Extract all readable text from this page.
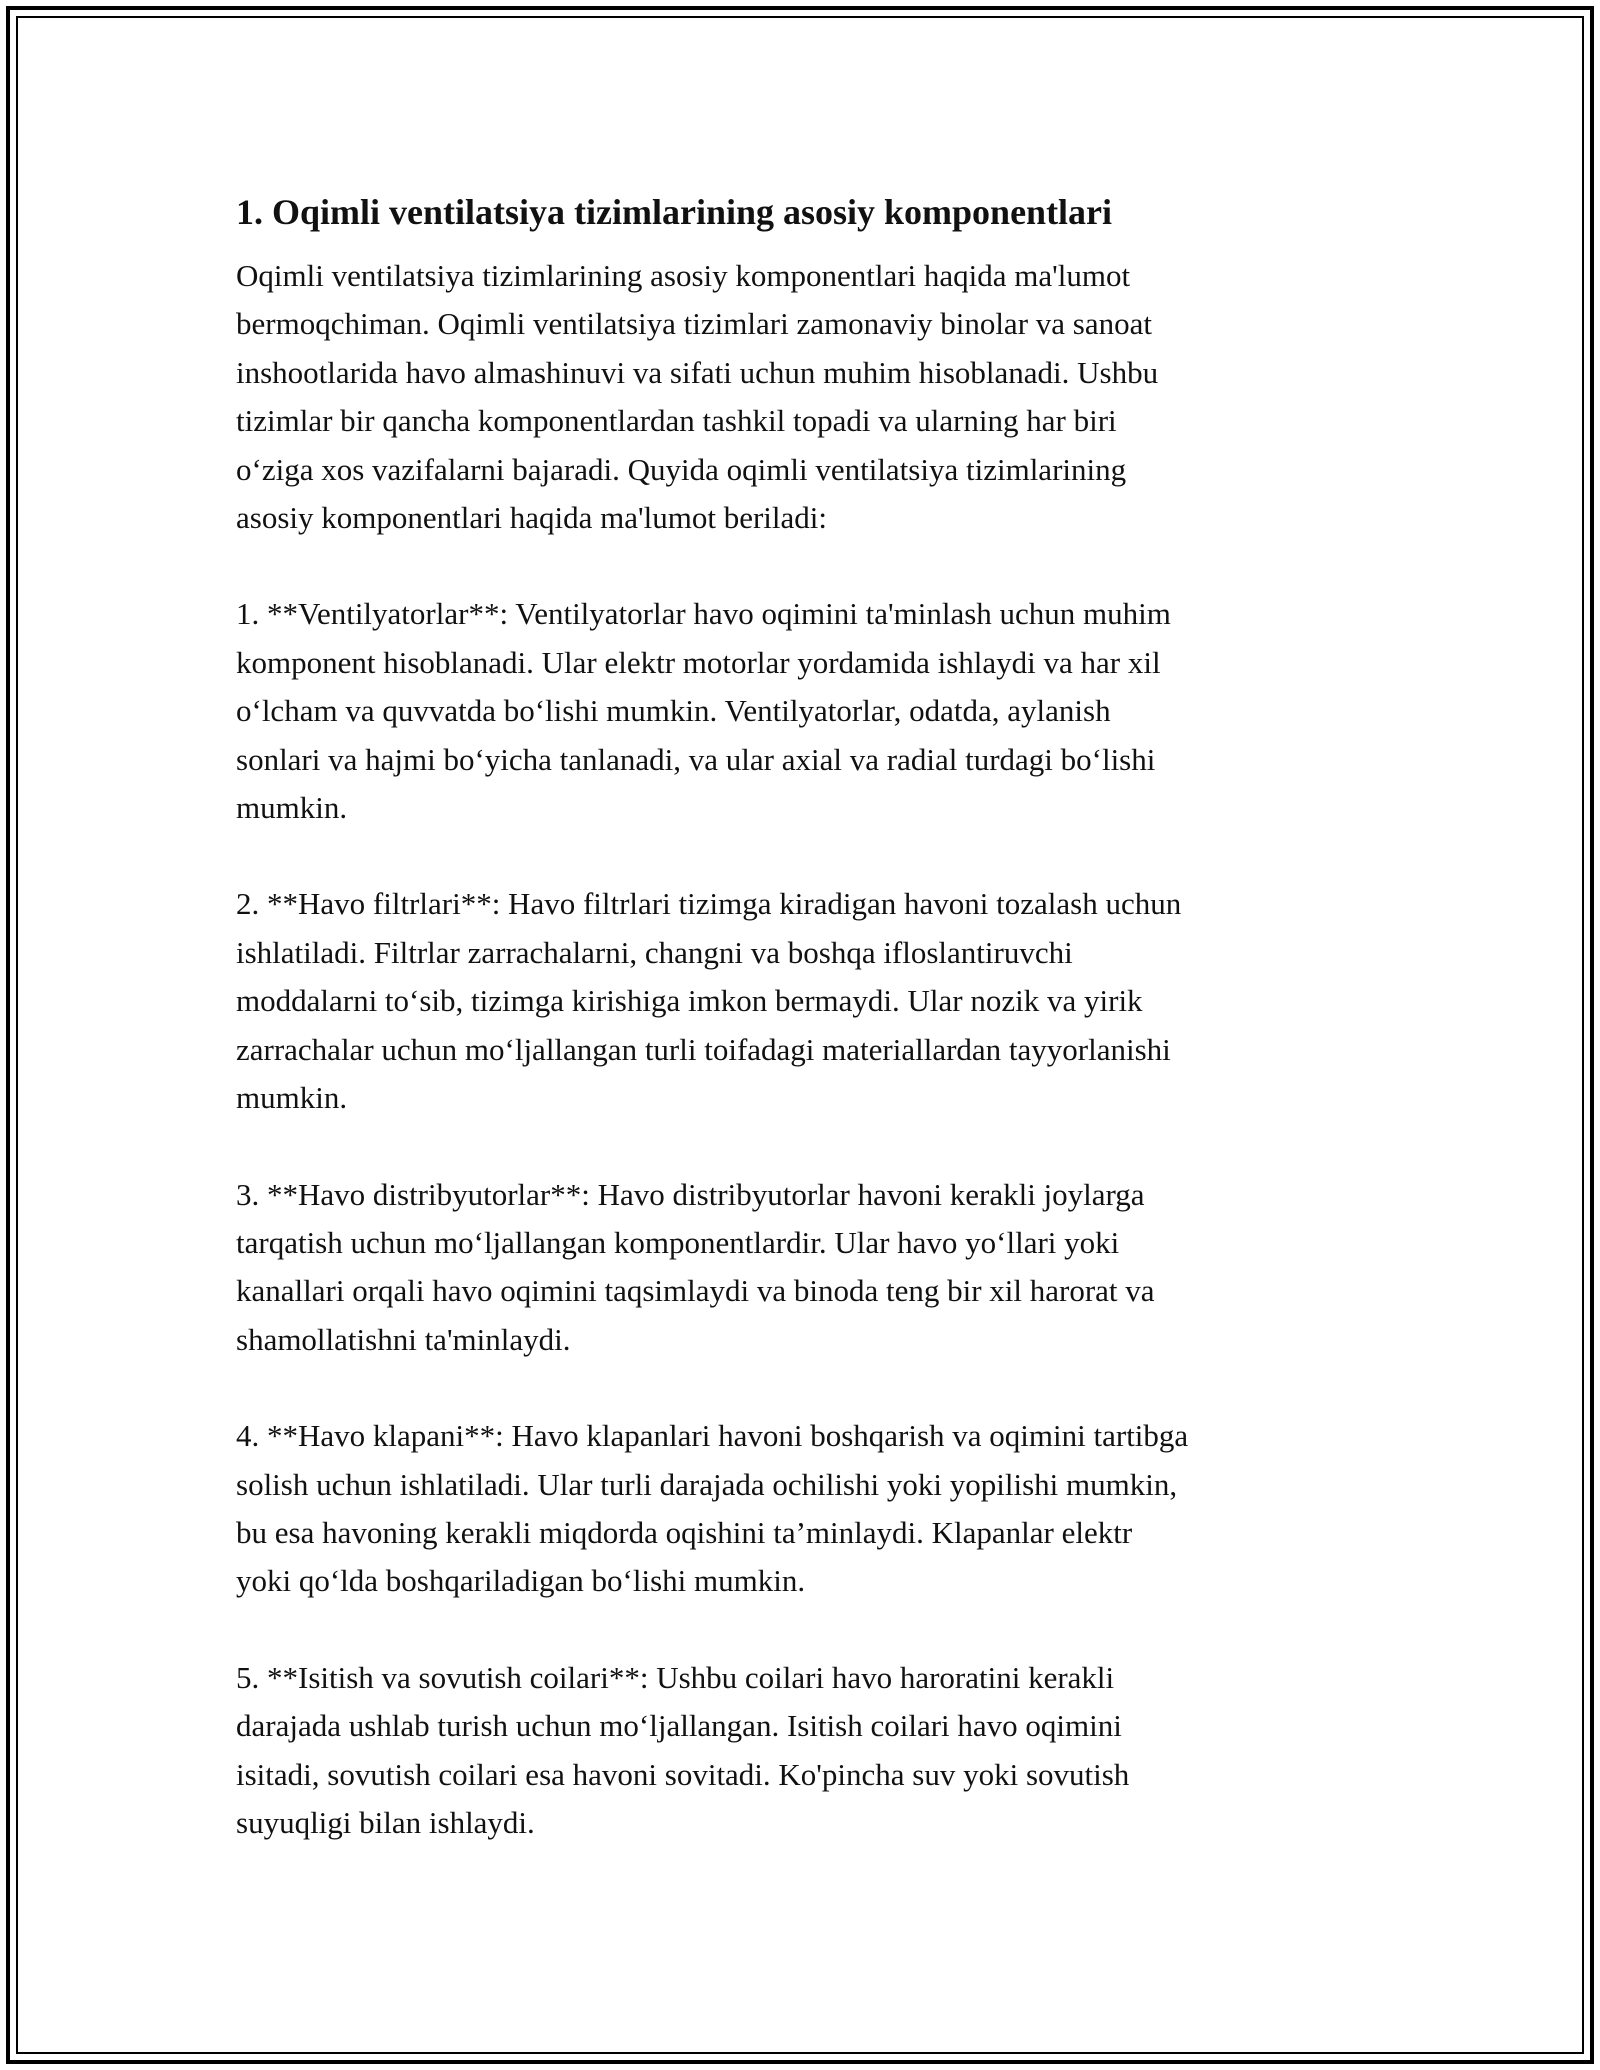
1. Oqimli ventilatsiya tizimlarining asosiy komponentlari
Oqimli ventilatsiya tizimlarining asosiy komponentlari haqida ma'lumot
bermoqchiman. Oqimli ventilatsiya tizimlari zamonaviy binolar va sanoat
inshootlarida havo almashinuvi va sifati uchun muhim hisoblanadi. Ushbu
tizimlar bir qancha komponentlardan tashkil topadi va ularning har biri
o‘ziga xos vazifalarni bajaradi. Quyida oqimli ventilatsiya tizimlarining
asosiy komponentlari haqida ma'lumot beriladi:
1. **Ventilyatorlar**: Ventilyatorlar havo oqimini ta'minlash uchun muhim
komponent hisoblanadi. Ular elektr motorlar yordamida ishlaydi va har xil
o‘lcham va quvvatda bo‘lishi mumkin. Ventilyatorlar, odatda, aylanish
sonlari va hajmi bo‘yicha tanlanadi, va ular axial va radial turdagi bo‘lishi
mumkin.
2. **Havo filtrlari**: Havo filtrlari tizimga kiradigan havoni tozalash uchun
ishlatiladi. Filtrlar zarrachalarni, changni va boshqa ifloslantiruvchi
moddalarni to‘sib, tizimga kirishiga imkon bermaydi. Ular nozik va yirik
zarrachalar uchun mo‘ljallangan turli toifadagi materiallardan tayyorlanishi
mumkin.
3. **Havo distribyutorlar**: Havo distribyutorlar havoni kerakli joylarga
tarqatish uchun mo‘ljallangan komponentlardir. Ular havo yo‘llari yoki
kanallari orqali havo oqimini taqsimlaydi va binoda teng bir xil harorat va
shamollatishni ta'minlaydi.
4. **Havo klapani**: Havo klapanlari havoni boshqarish va oqimini tartibga
solish uchun ishlatiladi. Ular turli darajada ochilishi yoki yopilishi mumkin,
bu esa havoning kerakli miqdorda oqishini ta’minlaydi. Klapanlar elektr
yoki qo‘lda boshqariladigan bo‘lishi mumkin.
5. **Isitish va sovutish coilari**: Ushbu coilari havo haroratini kerakli
darajada ushlab turish uchun mo‘ljallangan. Isitish coilari havo oqimini
isitadi, sovutish coilari esa havoni sovitadi. Ko'pincha suv yoki sovutish
suyuqligi bilan ishlaydi.
